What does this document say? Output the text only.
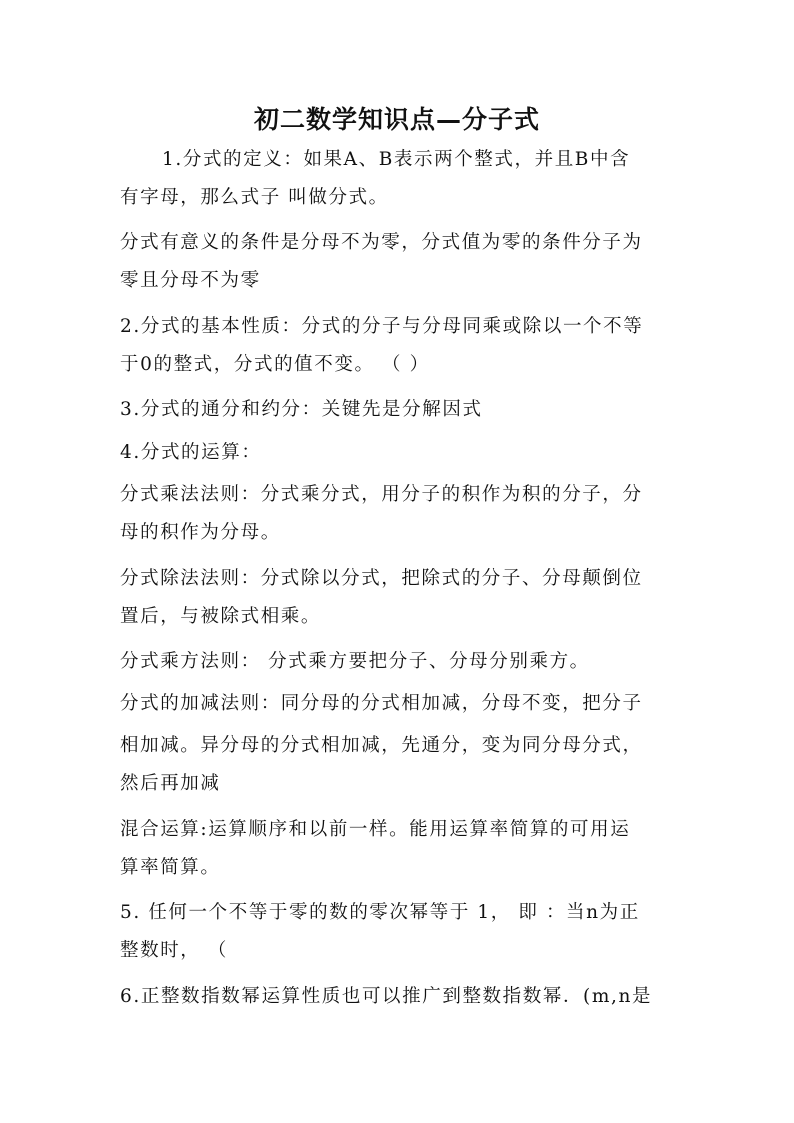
初二数学知识点—分子式
1.分式的定义：如果A、B表示两个整式，并且B中含
有字母，那么式子 叫做分式。
分式有意义的条件是分母不为零，分式值为零的条件分子为
零且分母不为零
2.分式的基本性质：分式的分子与分母同乘或除以一个不等
于0的整式，分式的值不变。 （ ）
3.分式的通分和约分：关键先是分解因式
4.分式的运算：
分式乘法法则：分式乘分式，用分子的积作为积的分子，分
母的积作为分母。
分式除法法则：分式除以分式，把除式的分子、分母颠倒位
置后，与被除式相乘。
分式乘方法则： 分式乘方要把分子、分母分别乘方。
分式的加减法则：同分母的分式相加减，分母不变，把分子
相加减。异分母的分式相加减，先通分，变为同分母分式，
然后再加减
混合运算:运算顺序和以前一样。能用运算率简算的可用运
算率简算。
5. 任何一个不等于零的数的零次幂等于 1， 即 ：当n为正
整数时， （
6.正整数指数幂运算性质也可以推广到整数指数幂．(m,n是
